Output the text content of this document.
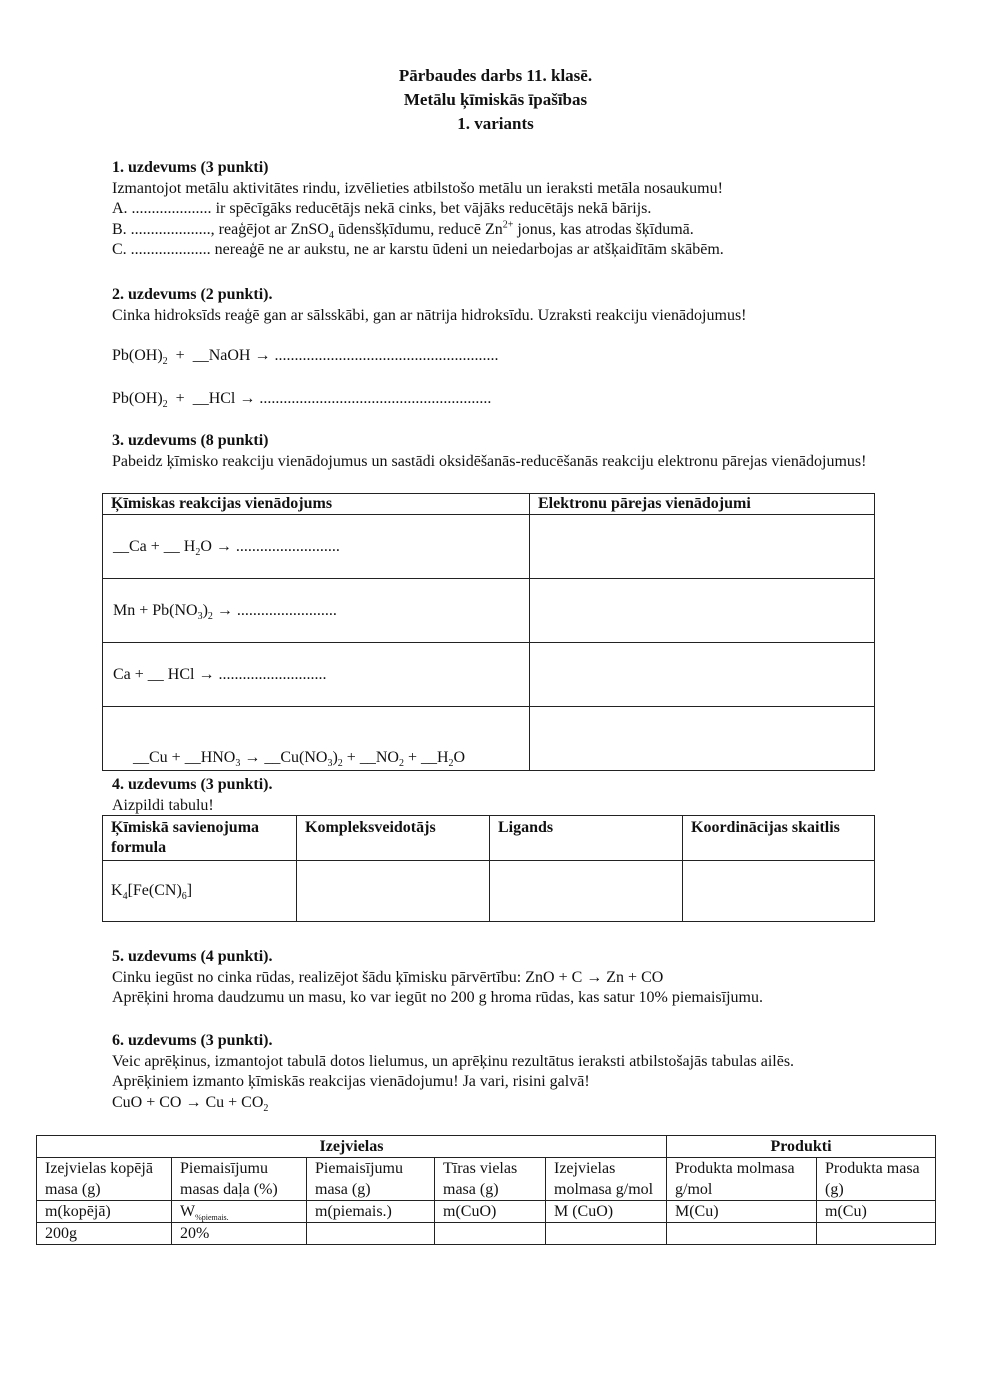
Pārbaudes darbs 11. klasē.
Metālu ķīmiskās īpašības
1. variants
1. uzdevums (3 punkti)
Izmantojot metālu aktivitātes rindu, izvēlieties atbilstošo metālu un ieraksti metāla nosaukumu!
A. .................... ir spēcīgāks reducētājs nekā cinks, bet vājāks reducētājs nekā bārijs.
B. ...................., reaģējot ar ZnSO$_4$ ūdensšķīdumu, reducē $Zn^{2+}$ jonus, kas atrodas šķīdumā.
C. .................... nereaģē ne ar aukstu, ne ar karstu ūdeni un neiedarbojas ar atšķaidītām skābēm.
2. uzdevums (2 punkti).
Cinka hidroksīds reaģē gan ar sālsskābi, gan ar nātrija hidroksīdu. Uzraksti reakciju vienādojumus!
$Pb(OH)_2$  +  __NaOH → ........................................................
$Pb(OH)_2$  +  __HCl → ..........................................................
3. uzdevums (8 punkti)
Pabeidz ķīmisko reakciju vienādojumus un sastādi oksidēšanās-reducēšanās reakciju elektronu pārejas vienādojumus!
Ķīmiskas reakcijas vienādojums	Elektronu pārejas vienādojumi
__Ca + __ $H_2O$ → ..........................	
$Mn + Pb(NO_3)_2$ → .........................	
Ca + __ HCl → ...........................	
__Cu + $\_\_HNO_3$ → $\_\_Cu(NO_3)_2$ + $\_\_NO_2$ + $\_\_H_2O$	
4. uzdevums (3 punkti).
Aizpildi tabulu!
Ķīmiskā savienojuma formula	Kompleksveidotājs	Ligands	Koordinācijas skaitlis
$K_4[Fe(CN)_6]$			
5. uzdevums (4 punkti).
Cinku iegūst no cinka rūdas, realizējot šādu ķīmisku pārvērtību: ZnO + C → Zn + CO
Aprēķini hroma daudzumu un masu, ko var iegūt no 200 g hroma rūdas, kas satur 10% piemaisījumu.
6. uzdevums (3 punkti).
Veic aprēķinus, izmantojot tabulā dotos lielumus, un aprēķinu rezultātus ieraksti atbilstošajās tabulas ailēs. Aprēķiniem izmanto ķīmiskās reakcijas vienādojumu! Ja vari, risini galvā!
CuO + CO → $Cu + CO_2$
Izejvielas					Produkti	
Izejvielas kopējā masa (g)	Piemaisījumu masas daļa (%)	Piemaisījumu masa (g)	Tīras vielas masa (g)	Izejvielas molmasa g/mol	Produkta molmasa g/mol	Produkta masa (g)
m(kopējā)	$W_{\%piemais.}$	m(piemais.)	m(CuO)	M (CuO)	M(Cu)	m(Cu)
200g	20%					
